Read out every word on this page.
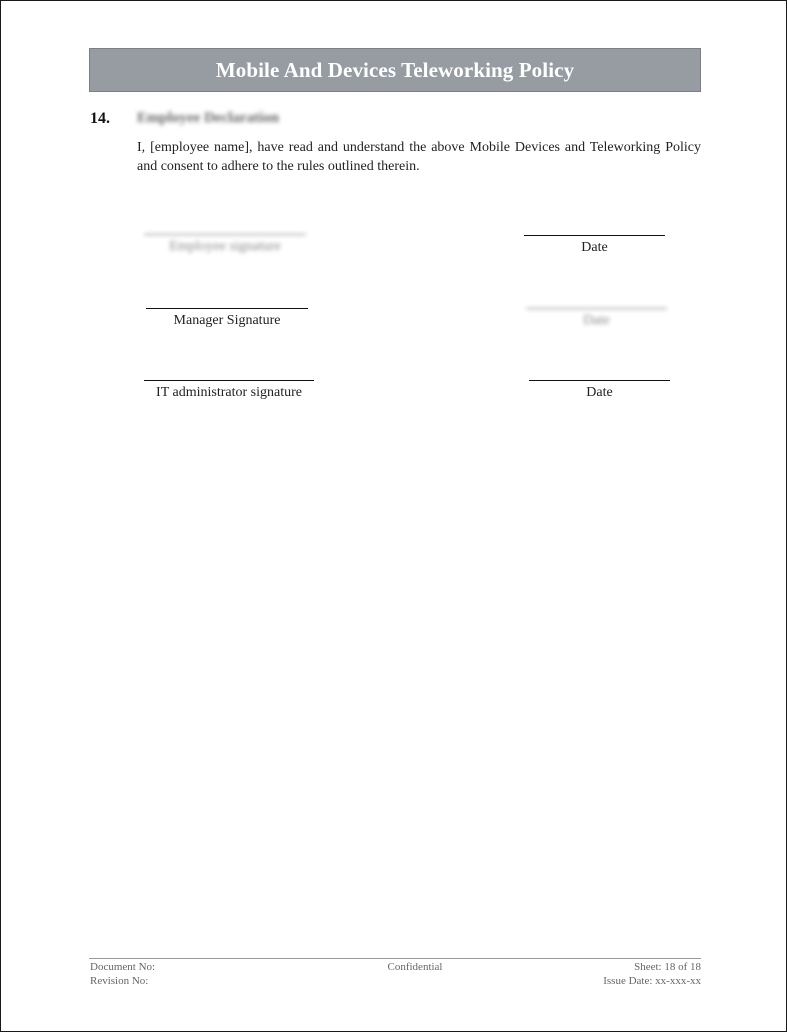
Mobile And Devices Teleworking Policy
14. Employee Declaration
I, [employee name], have read and understand the above Mobile Devices and Teleworking Policy and consent to adhere to the rules outlined therein.
Employee signature	Date
Manager Signature	Date
IT administrator signature	Date
Document No:
Revision No:
Confidential	Sheet: 18 of 18
Issue Date: xx-xxx-xx
